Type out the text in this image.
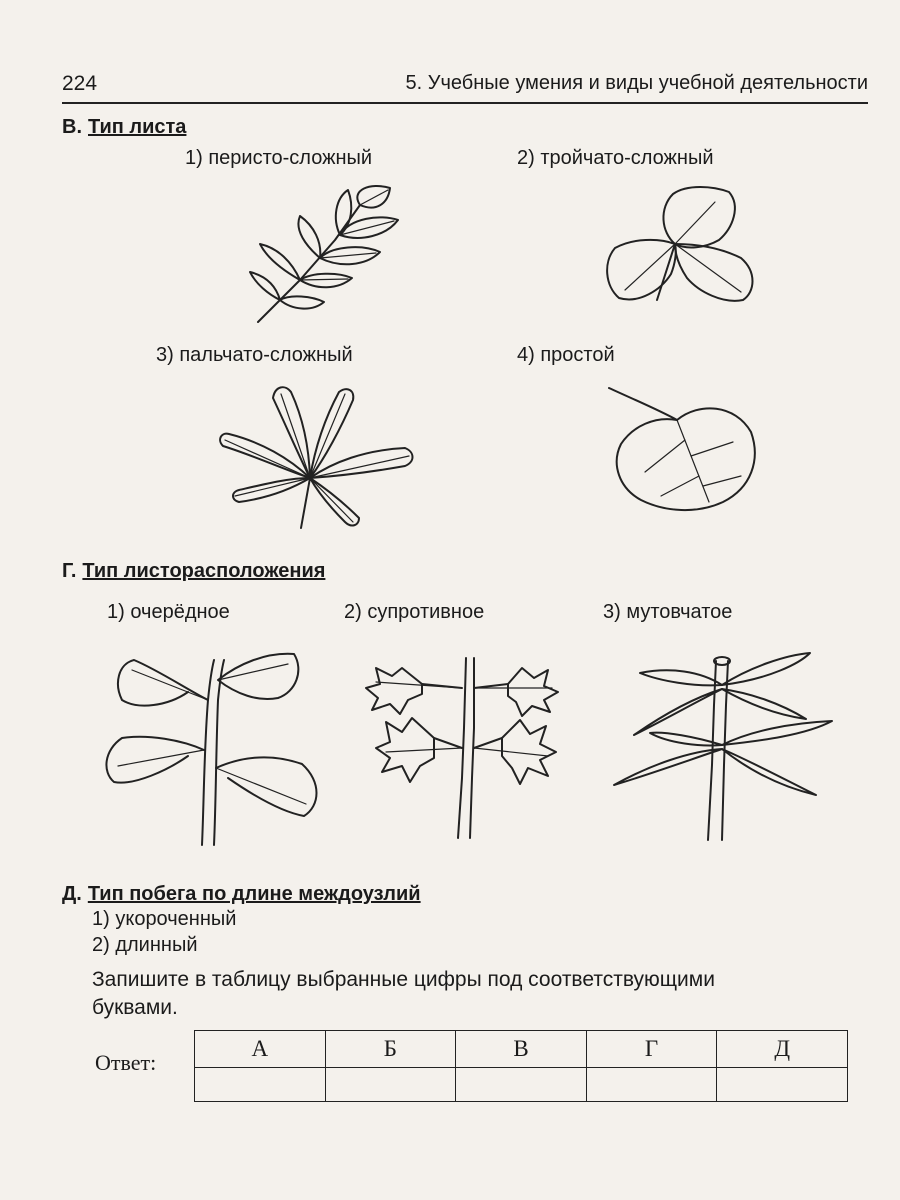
224	5. Учебные умения и виды учебной деятельности
В. Тип листа
1) перисто-сложный	2) тройчато-сложный
3) пальчато-сложный	4) простой
Г. Тип листорасположения
1) очерёдное	2) супротивное	3) мутовчатое
Д. Тип побега по длине междоузлий
1) укороченный
2) длинный
Запишите в таблицу выбранные цифры под соответствующими
буквами.
Ответ:
А	Б	В	Г	Д
